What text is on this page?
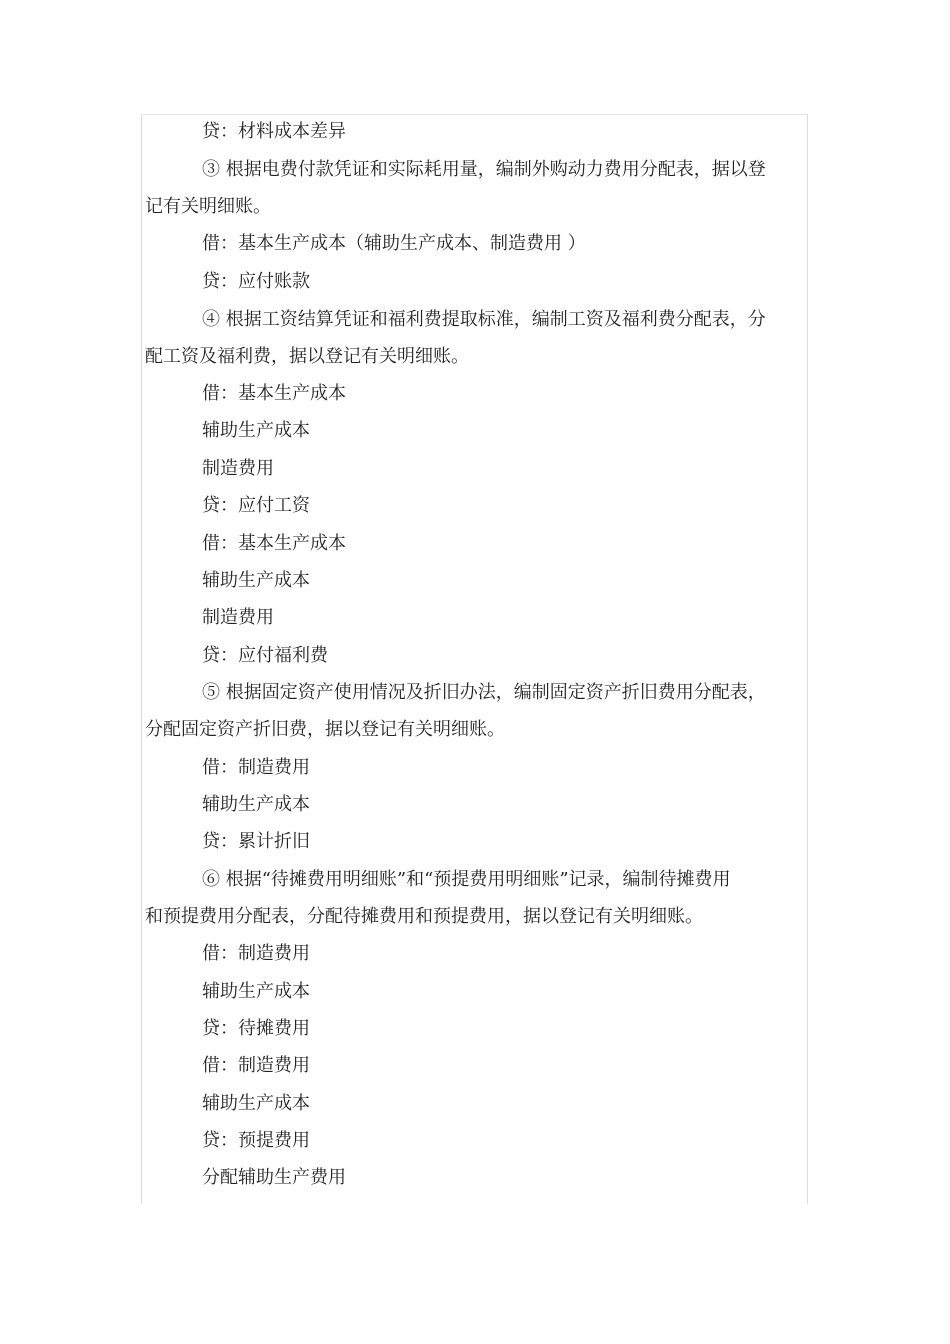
贷：材料成本差异
③ 根据电费付款凭证和实际耗用量，编制外购动力费用分配表，据以登
记有关明细账。
借：基本生产成本（辅助生产成本、制造费用 ）
贷：应付账款
④ 根据工资结算凭证和福利费提取标准，编制工资及福利费分配表，分
配工资及福利费，据以登记有关明细账。
借：基本生产成本
辅助生产成本
制造费用
贷：应付工资
借：基本生产成本
辅助生产成本
制造费用
贷：应付福利费
⑤ 根据固定资产使用情况及折旧办法，编制固定资产折旧费用分配表，
分配固定资产折旧费，据以登记有关明细账。
借：制造费用
辅助生产成本
贷：累计折旧
⑥ 根据“待摊费用明细账”和“预提费用明细账”记录，编制待摊费用
和预提费用分配表，分配待摊费用和预提费用，据以登记有关明细账。
借：制造费用
辅助生产成本
贷：待摊费用
借：制造费用
辅助生产成本
贷：预提费用
分配辅助生产费用
